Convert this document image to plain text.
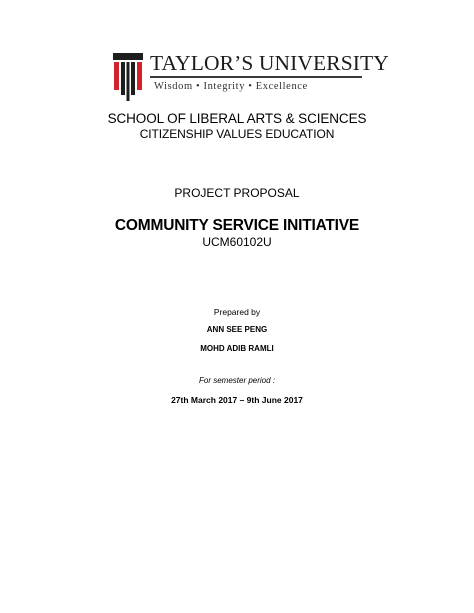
TAYLOR’S UNIVERSITY
Wisdom • Integrity • Excellence
SCHOOL OF LIBERAL ARTS & SCIENCES
CITIZENSHIP VALUES EDUCATION
PROJECT PROPOSAL
COMMUNITY SERVICE INITIATIVE
UCM60102U
Prepared by
ANN SEE PENG
MOHD ADIB RAMLI
For semester period :
27th March 2017 – 9th June 2017
